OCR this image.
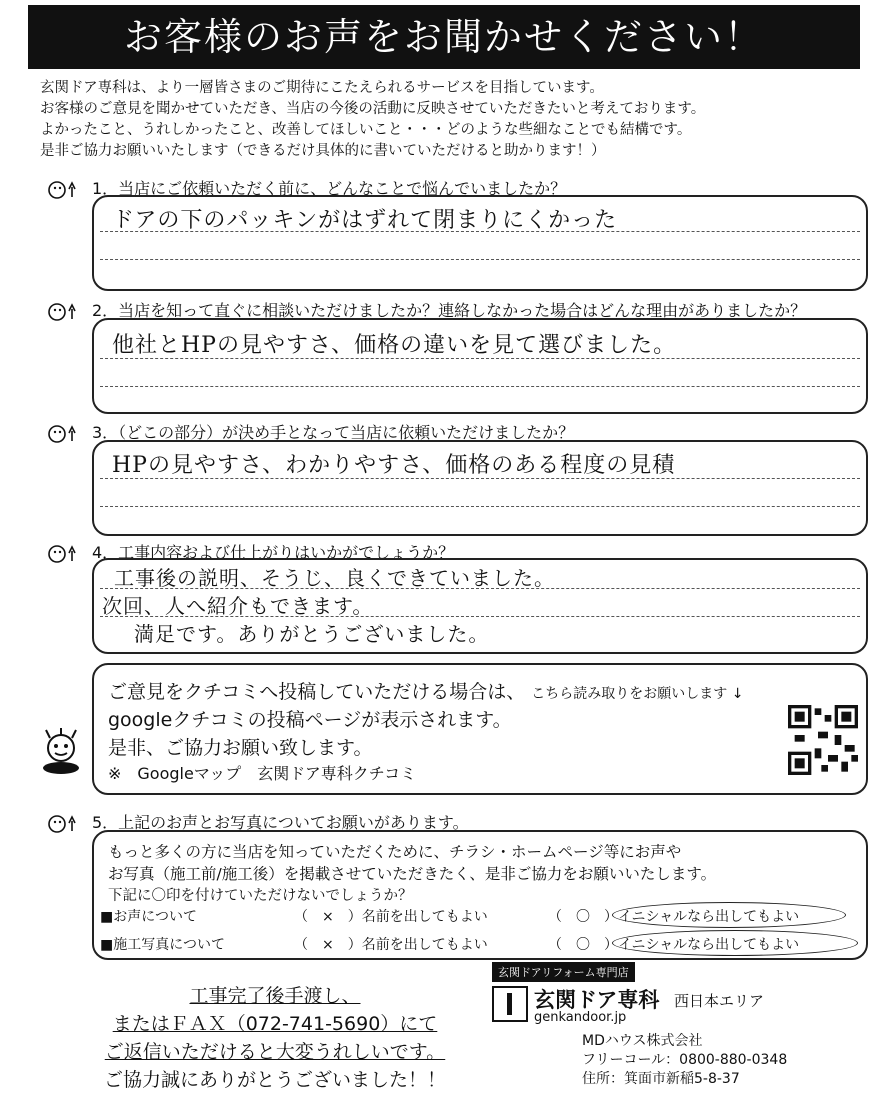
お客様のお声をお聞かせください！
玄関ドア専科は、より一層皆さまのご期待にこたえられるサービスを目指しています。
お客様のご意見を聞かせていただき、当店の今後の活動に反映させていただきたいと考えております。
よかったこと、うれしかったこと、改善してほしいこと・・・どのような些細なことでも結構です。
是非ご協力お願いいたします（できるだけ具体的に書いていただけると助かります！）
1．当店にご依頼いただく前に、どんなことで悩んでいましたか？
ドアの下のパッキンがはずれて閉まりにくかった
2．当店を知って直ぐに相談いただけましたか？連絡しなかった場合はどんな理由がありましたか？
他社とHPの見やすさ、価格の違いを見て選びました。
3．（どこの部分）が決め手となって当店に依頼いただけましたか？
HPの見やすさ、わかりやすさ、価格のある程度の見積
4．工事内容および仕上がりはいかがでしょうか？
工事後の説明、そうじ、良くできていました。
次回、人へ紹介もできます。
満足です。ありがとうございました。
ご意見をクチコミへ投稿していただける場合は、 こちら読み取りをお願いします ↓
googleクチコミの投稿ページが表示されます。
是非、ご協力お願い致します。
※　Googleマップ　玄関ドア専科クチコミ
5．上記のお声とお写真についてお願いがあります。
もっと多くの方に当店を知っていただくために、チラシ・ホームページ等にお声や
お写真（施工前/施工後）を掲載させていただきたく、是非ご協力をお願いいたします。
下記に〇印を付けていただけないでしょうか？
■お声について	（　×　）名前を出してもよい	（　〇　）イニシャルなら出してもよい
■施工写真について	（　×　）名前を出してもよい	（　〇　）イニシャルなら出してもよい
工事完了後手渡し、
またはＦＡＸ（072-741-5690）にて
ご返信いただけると大変うれしいです。
ご協力誠にありがとうございました！！
玄関ドアリフォーム専門店
玄関ドア専科 西日本エリア
genkandoor.jp
MDハウス株式会社
フリーコール：0800-880-0348
住所：箕面市新稲5-8-37
